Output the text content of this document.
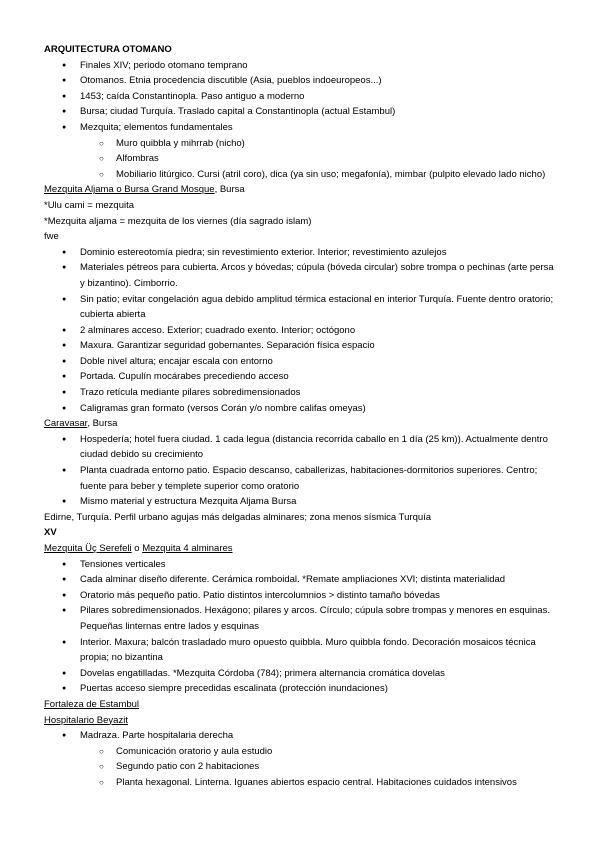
ARQUITECTURA OTOMANO
● Finales XIV; periodo otomano temprano
● Otomanos. Etnia procedencia discutible (Asia, pueblos indoeuropeos...)
● 1453; caída Constantinopla. Paso antiguo a moderno
● Bursa; ciudad Turquía. Traslado capital a Constantinopla (actual Estambul)
● Mezquita; elementos fundamentales
○ Muro quibbla y mihrrab (nicho)
○ Alfombras
○ Mobiliario litúrgico. Cursi (atril coro), dica (ya sin uso; megafonía), mimbar (pulpito elevado lado nicho)
Mezquita Aljama o Bursa Grand Mosque, Bursa
*Ulu cami = mezquita
*Mezquita aljama = mezquita de los viernes (día sagrado islam)
fwe
● Dominio estereotomía piedra; sin revestimiento exterior. Interior; revestimiento azulejos
● Materiales pétreos para cubierta. Arcos y bóvedas; cúpula (bóveda circular) sobre trompa o pechinas (arte persa y bizantino). Cimborrio.
● Sin patio; evitar congelación agua debido amplitud térmica estacional en interior Turquía. Fuente dentro oratorio; cubierta abierta
● 2 alminares acceso. Exterior; cuadrado exento. Interior; octógono
● Maxura. Garantizar seguridad gobernantes. Separación física espacio
● Doble nivel altura; encajar escala con entorno
● Portada. Cupulín mocárabes precediendo acceso
● Trazo retícula mediante pilares sobredimensionados
● Caligramas gran formato (versos Corán y/o nombre califas omeyas)
Caravasar, Bursa
● Hospedería; hotel fuera ciudad. 1 cada legua (distancia recorrida caballo en 1 día (25 km)). Actualmente dentro ciudad debido su crecimiento
● Planta cuadrada entorno patio. Espacio descanso, caballerizas, habitaciones-dormitorios superiores. Centro; fuente para beber y templete superior como oratorio
● Mismo material y estructura Mezquita Aljama Bursa
Edirne, Turquía. Perfil urbano agujas más delgadas alminares; zona menos sísmica Turquía
XV
Mezquita Üç Serefeli o Mezquita 4 alminares
● Tensiones verticales
● Cada alminar diseño diferente. Cerámica romboidal. *Remate ampliaciones XVI; distinta materialidad
● Oratorio más pequeño patio. Patio distintos intercolumnios > distinto tamaño bóvedas
● Pilares sobredimensionados. Hexágono; pilares y arcos. Círculo; cúpula sobre trompas y menores en esquinas. Pequeñas linternas entre lados y esquinas
● Interior. Maxura; balcón trasladado muro opuesto quibbla. Muro quibbla fondo. Decoración mosaicos técnica propia; no bizantina
● Dovelas engatilladas. *Mezquita Córdoba (784); primera alternancia cromática dovelas
● Puertas acceso siempre precedidas escalinata (protección inundaciones)
Fortaleza de Estambul
Hospitalario Beyazit
● Madraza. Parte hospitalaria derecha
○ Comunicación oratorio y aula estudio
○ Segundo patio con 2 habitaciones
○ Planta hexagonal. Linterna. Iguanes abiertos espacio central. Habitaciones cuidados intensivos
